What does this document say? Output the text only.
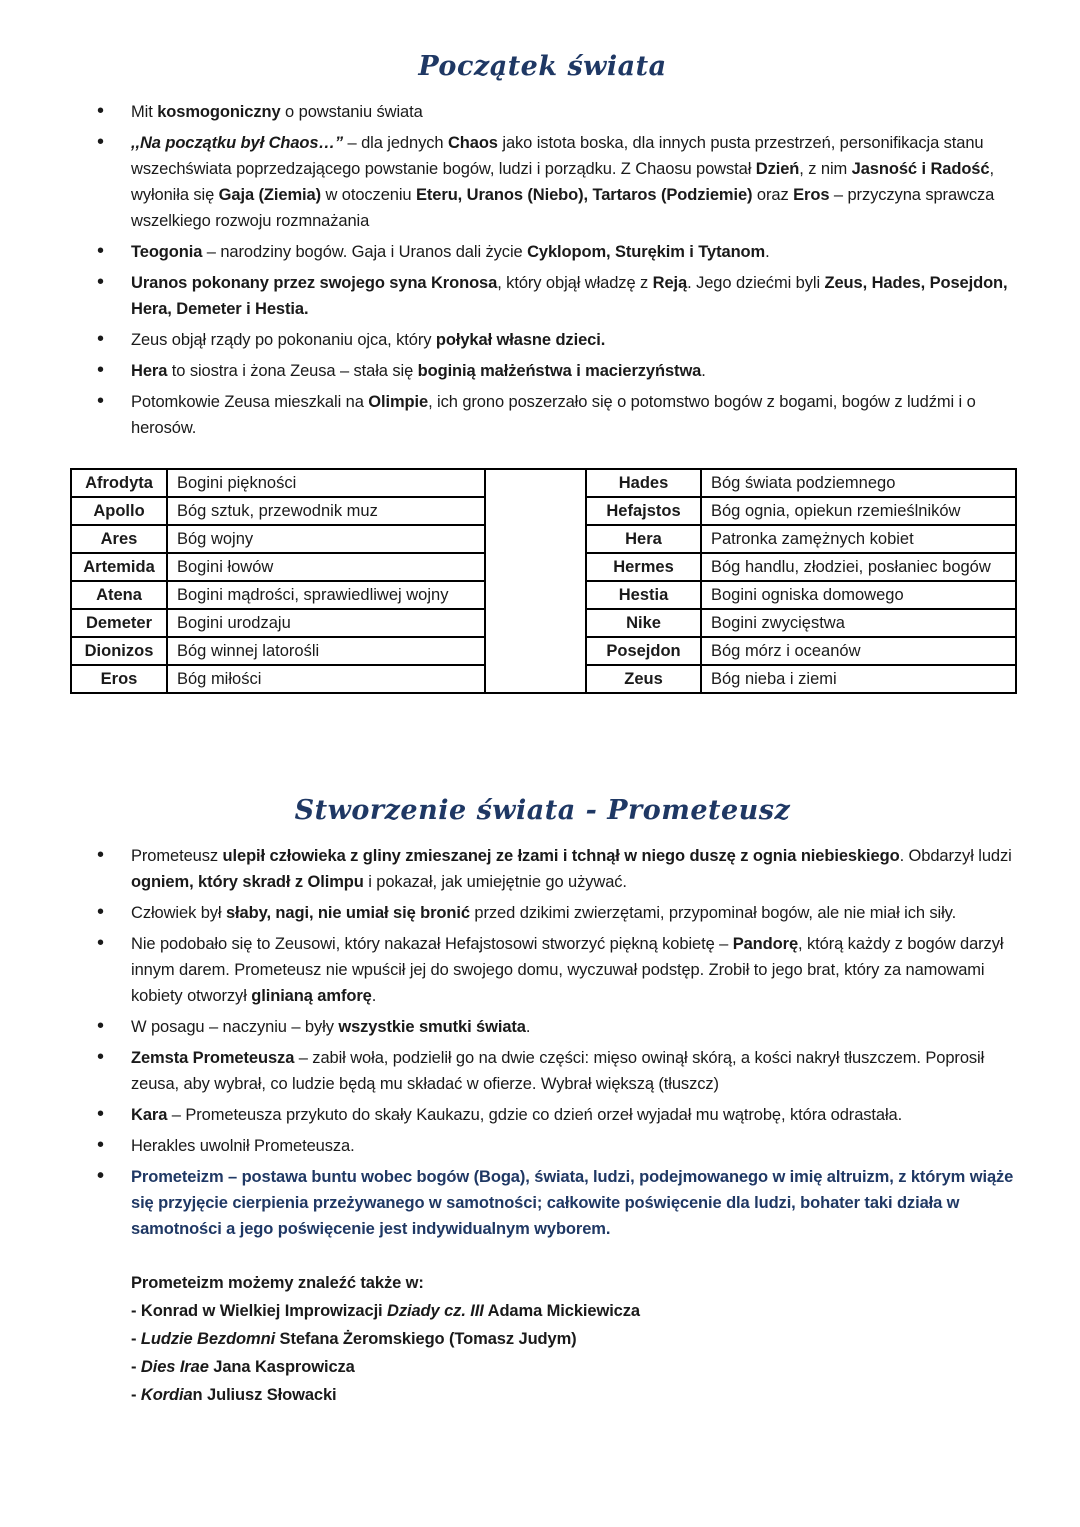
Początek świata
• Mit kosmogoniczny o powstaniu świata
• ,,Na początku był Chaos…” – dla jednych Chaos jako istota boska, dla innych pusta przestrzeń, personifikacja stanu wszechświata poprzedzającego powstanie bogów, ludzi i porządku. Z Chaosu powstał Dzień, z nim Jasność i Radość, wyłoniła się Gaja (Ziemia) w otoczeniu Eteru, Uranos (Niebo), Tartaros (Podziemie) oraz Eros – przyczyna sprawcza wszelkiego rozwoju rozmnażania
• Teogonia – narodziny bogów. Gaja i Uranos dali życie Cyklopom, Sturękim i Tytanom.
• Uranos pokonany przez swojego syna Kronosa, który objął władzę z Reją. Jego dziećmi byli Zeus, Hades, Posejdon, Hera, Demeter i Hestia.
• Zeus objął rządy po pokonaniu ojca, który połykał własne dzieci.
• Hera to siostra i żona Zeusa – stała się boginią małżeństwa i macierzyństwa.
• Potomkowie Zeusa mieszkali na Olimpie, ich grono poszerzało się o potomstwo bogów z bogami, bogów z ludźmi i o herosów.
Afrodyta	Bogini piękności		Hades	Bóg świata podziemnego
Apollo	Bóg sztuk, przewodnik muz		Hefajstos	Bóg ognia, opiekun rzemieślników
Ares	Bóg wojny		Hera	Patronka zamężnych kobiet
Artemida	Bogini łowów		Hermes	Bóg handlu, złodziei, posłaniec bogów
Atena	Bogini mądrości, sprawiedliwej wojny		Hestia	Bogini ogniska domowego
Demeter	Bogini urodzaju		Nike	Bogini zwycięstwa
Dionizos	Bóg winnej latorośli		Posejdon	Bóg mórz i oceanów
Eros	Bóg miłości		Zeus	Bóg nieba i ziemi
Stworzenie świata - Prometeusz
• Prometeusz ulepił człowieka z gliny zmieszanej ze łzami i tchnął w niego duszę z ognia niebieskiego. Obdarzył ludzi ogniem, który skradł z Olimpu i pokazał, jak umiejętnie go używać.
• Człowiek był słaby, nagi, nie umiał się bronić przed dzikimi zwierzętami, przypominał bogów, ale nie miał ich siły.
• Nie podobało się to Zeusowi, który nakazał Hefajstosowi stworzyć piękną kobietę – Pandorę, którą każdy z bogów darzył innym darem. Prometeusz nie wpuścił jej do swojego domu, wyczuwał podstęp. Zrobił to jego brat, który za namowami kobiety otworzył glinianą amforę.
• W posagu – naczyniu – były wszystkie smutki świata.
• Zemsta Prometeusza – zabił woła, podzielił go na dwie części: mięso owinął skórą, a kości nakrył tłuszczem. Poprosił zeusa, aby wybrał, co ludzie będą mu składać w ofierze. Wybrał większą (tłuszcz)
• Kara – Prometeusza przykuto do skały Kaukazu, gdzie co dzień orzeł wyjadał mu wątrobę, która odrastała.
• Herakles uwolnił Prometeusza.
• Prometeizm – postawa buntu wobec bogów (Boga), świata, ludzi, podejmowanego w imię altruizm, z którym wiąże się przyjęcie cierpienia przeżywanego w samotności; całkowite poświęcenie dla ludzi, bohater taki działa w samotności a jego poświęcenie jest indywidualnym wyborem.
Prometeizm możemy znaleźć także w:
- Konrad w Wielkiej Improwizacji Dziady cz. III Adama Mickiewicza
- Ludzie Bezdomni Stefana Żeromskiego (Tomasz Judym)
- Dies Irae Jana Kasprowicza
- Kordian Juliusz Słowacki
